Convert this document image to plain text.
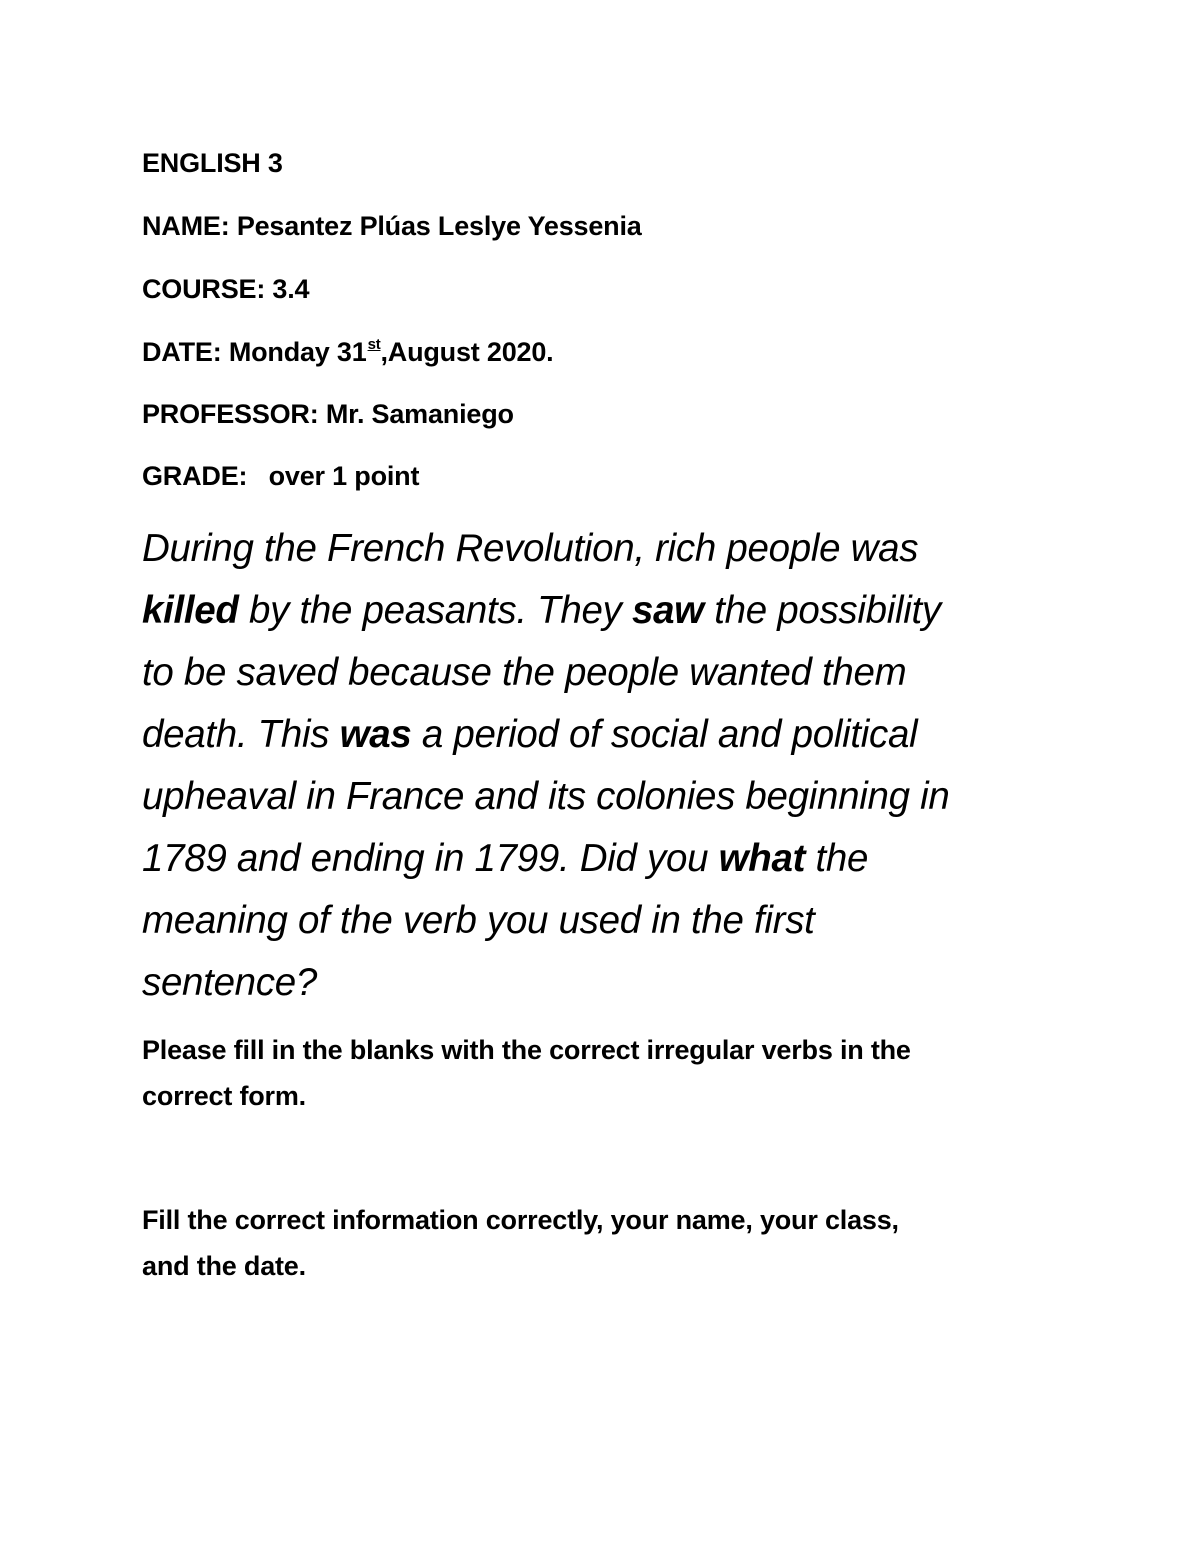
ENGLISH 3
NAME: Pesantez Plúas Leslye Yessenia
COURSE: 3.4
DATE: Monday 31st,August 2020.
PROFESSOR: Mr. Samaniego
GRADE: over 1 point
During the French Revolution, rich people was
killed by the peasants. They saw the possibility
to be saved because the people wanted them
death. This was a period of social and political
upheaval in France and its colonies beginning in
1789 and ending in 1799. Did you what the
meaning of the verb you used in the first
sentence?
Please fill in the blanks with the correct irregular verbs in the
correct form.
Fill the correct information correctly, your name, your class,
and the date.
